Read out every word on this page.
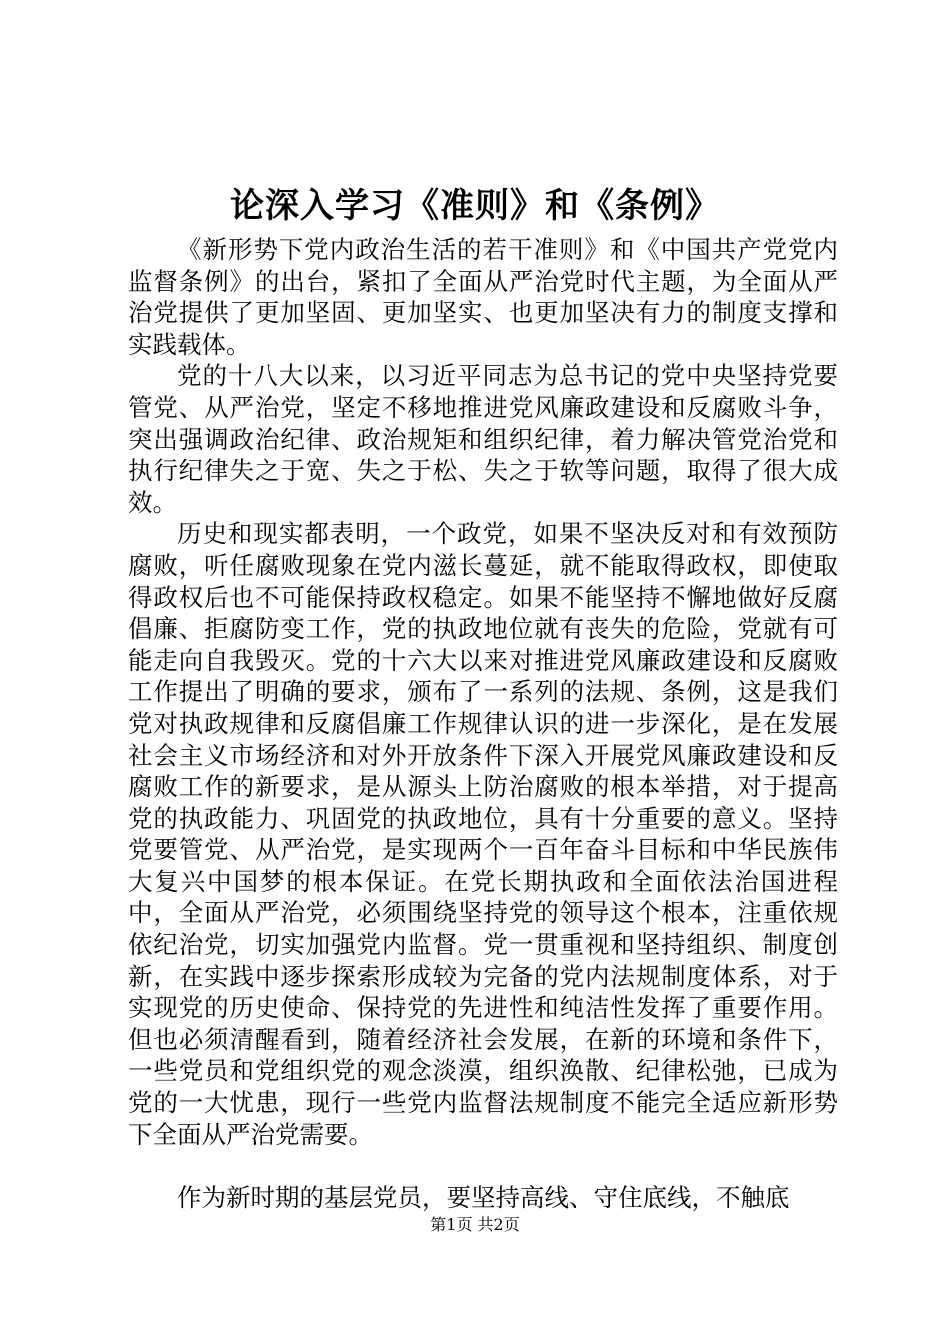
论深入学习《准则》和《条例》

《新形势下党内政治生活的若干准则》和《中国共产党党内监督条例》的出台，紧扣了全面从严治党时代主题，为全面从严治党提供了更加坚固、更加坚实、也更加坚决有力的制度支撑和实践载体。

党的十八大以来，以习近平同志为总书记的党中央坚持党要管党、从严治党，坚定不移地推进党风廉政建设和反腐败斗争，突出强调政治纪律、政治规矩和组织纪律，着力解决管党治党和执行纪律失之于宽、失之于松、失之于软等问题，取得了很大成效。

历史和现实都表明，一个政党，如果不坚决反对和有效预防腐败，听任腐败现象在党内滋长蔓延，就不能取得政权，即使取得政权后也不可能保持政权稳定。如果不能坚持不懈地做好反腐倡廉、拒腐防变工作，党的执政地位就有丧失的危险，党就有可能走向自我毁灭。党的十六大以来对推进党风廉政建设和反腐败工作提出了明确的要求，颁布了一系列的法规、条例，这是我们党对执政规律和反腐倡廉工作规律认识的进一步深化，是在发展社会主义市场经济和对外开放条件下深入开展党风廉政建设和反腐败工作的新要求，是从源头上防治腐败的根本举措，对于提高党的执政能力、巩固党的执政地位，具有十分重要的意义。坚持党要管党、从严治党，是实现两个一百年奋斗目标和中华民族伟大复兴中国梦的根本保证。在党长期执政和全面依法治国进程中，全面从严治党，必须围绕坚持党的领导这个根本，注重依规依纪治党，切实加强党内监督。党一贯重视和坚持组织、制度创新，在实践中逐步探索形成较为完备的党内法规制度体系，对于实现党的历史使命、保持党的先进性和纯洁性发挥了重要作用。但也必须清醒看到，随着经济社会发展，在新的环境和条件下，一些党员和党组织党的观念淡漠，组织涣散、纪律松弛，已成为党的一大忧患，现行一些党内监督法规制度不能完全适应新形势下全面从严治党需要。

作为新时期的基层党员，要坚持高线、守住底线，不触底

第1页 共2页
